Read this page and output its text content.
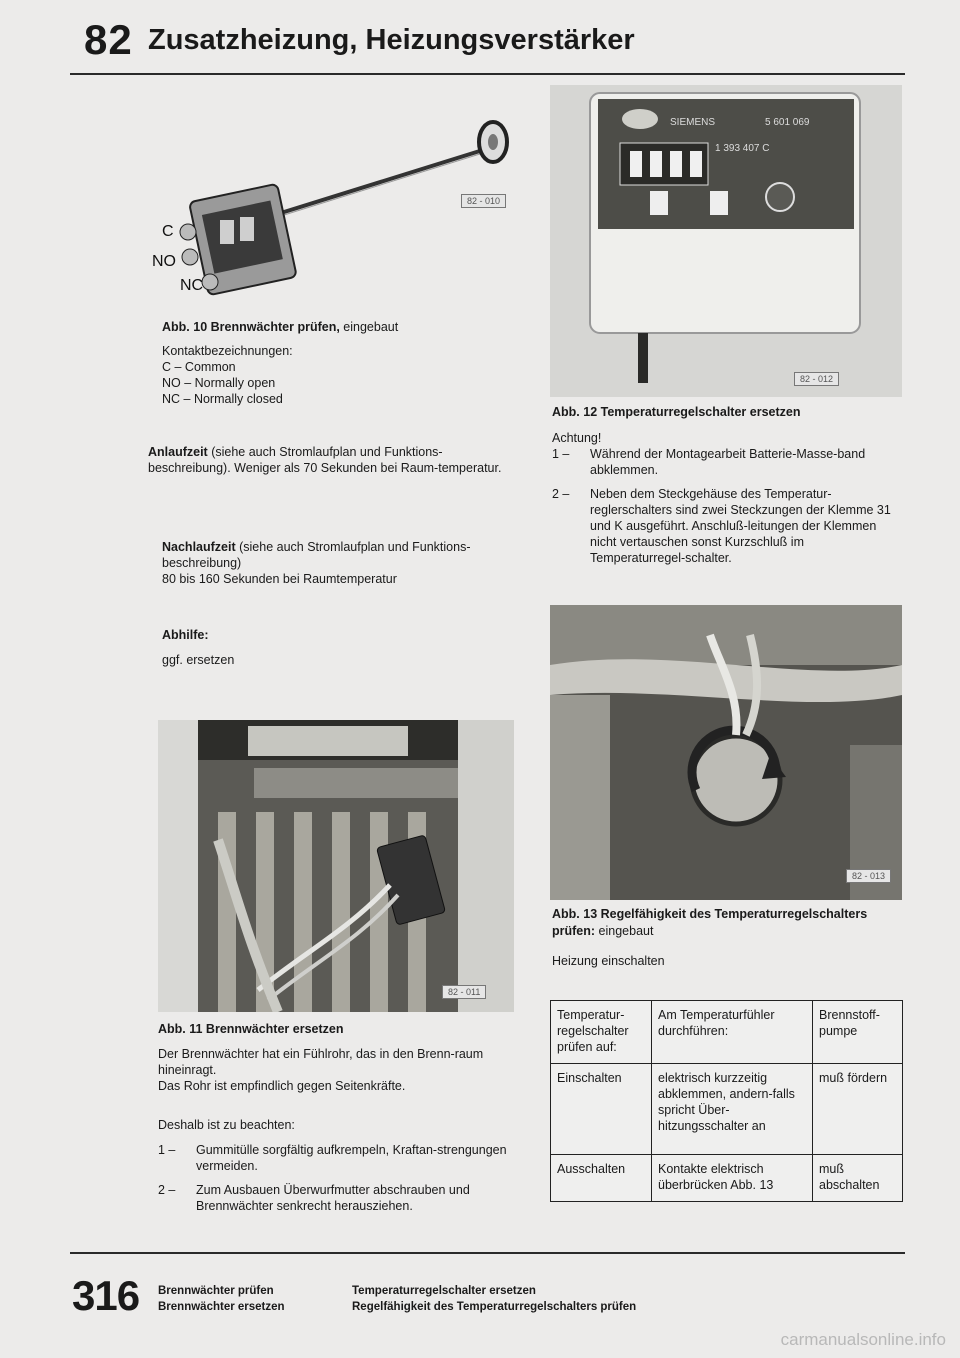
82 Zusatzheizung, Heizungsverstärker
C
NO
NC
82 - 010
Abb. 10 Brennwächter prüfen, eingebaut
Kontaktbezeichnungen:
C – Common
NO – Normally open
NC – Normally closed
Anlaufzeit (siehe auch Stromlaufplan und Funktions-beschreibung). Weniger als 70 Sekunden bei Raum-temperatur.
Nachlaufzeit (siehe auch Stromlaufplan und Funktions-beschreibung)
80 bis 160 Sekunden bei Raumtemperatur
Abhilfe:
ggf. ersetzen
82 - 011
Abb. 11 Brennwächter ersetzen
Der Brennwächter hat ein Fühlrohr, das in den Brenn-raum hineinragt.
Das Rohr ist empfindlich gegen Seitenkräfte.
Deshalb ist zu beachten:
1 – Gummitülle sorgfältig aufkrempeln, Kraftan-strengungen vermeiden.
2 – Zum Ausbauen Überwurfmutter abschrauben und Brennwächter senkrecht herausziehen.
SIEMENS	5 601 069
1 393 407 C
82 - 012
Abb. 12 Temperaturregelschalter ersetzen
Achtung!
1 – Während der Montagearbeit Batterie-Masse-band abklemmen.
2 – Neben dem Steckgehäuse des Temperatur-reglerschalters sind zwei Steckzungen der Klemme 31 und K ausgeführt. Anschluß-leitungen der Klemmen nicht vertauschen sonst Kurzschluß im Temperaturregel-schalter.
82 - 013
Abb. 13 Regelfähigkeit des Temperaturregelschalters prüfen: eingebaut
Heizung einschalten
Temperatur-regelschalter prüfen auf:	Am Temperaturfühler durchführen:	Brennstoff-pumpe
Einschalten	elektrisch kurzzeitig abklemmen, andern-falls spricht Über-hitzungsschalter an	muß fördern
Ausschalten	Kontakte elektrisch überbrücken Abb. 13	muß abschalten
316 Brennwächter prüfen
Brennwächter ersetzen
Temperaturregelschalter ersetzen
Regelfähigkeit des Temperaturregelschalters prüfen
carmanualsonline.info
